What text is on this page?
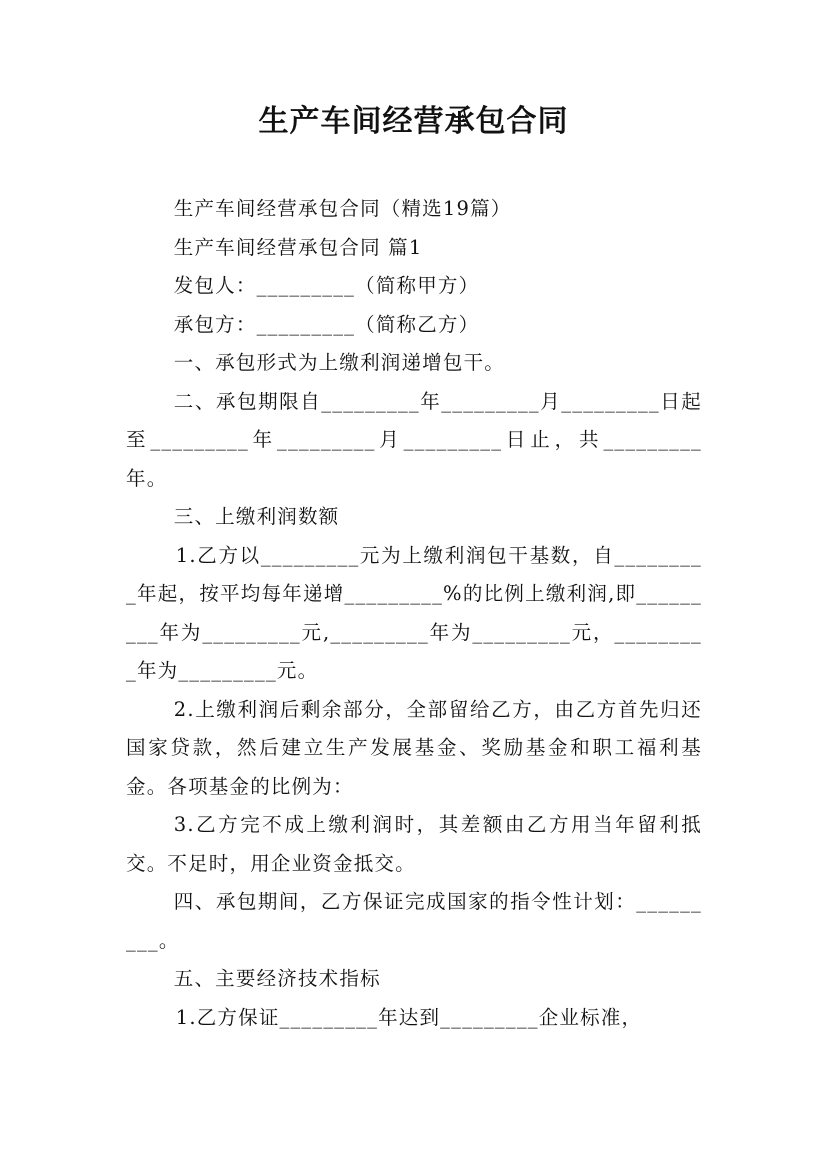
生产车间经营承包合同

生产车间经营承包合同（精选19篇）

生产车间经营承包合同 篇1

发包人：_________（简称甲方）

承包方：_________（简称乙方）

一、承包形式为上缴利润递增包干。

二、承包期限自_________年_________月_________日起至_________年_________月_________日止，共_________年。

三、上缴利润数额

1.乙方以_________元为上缴利润包干基数，自_________年起，按平均每年递增_________%的比例上缴利润,即_________年为_________元,_________年为_________元，_________年为_________元。

2.上缴利润后剩余部分，全部留给乙方，由乙方首先归还国家贷款，然后建立生产发展基金、奖励基金和职工福利基金。各项基金的比例为：

3.乙方完不成上缴利润时，其差额由乙方用当年留利抵交。不足时，用企业资金抵交。

四、承包期间，乙方保证完成国家的指令性计划：_________。

五、主要经济技术指标

1.乙方保证_________年达到_________企业标准，
